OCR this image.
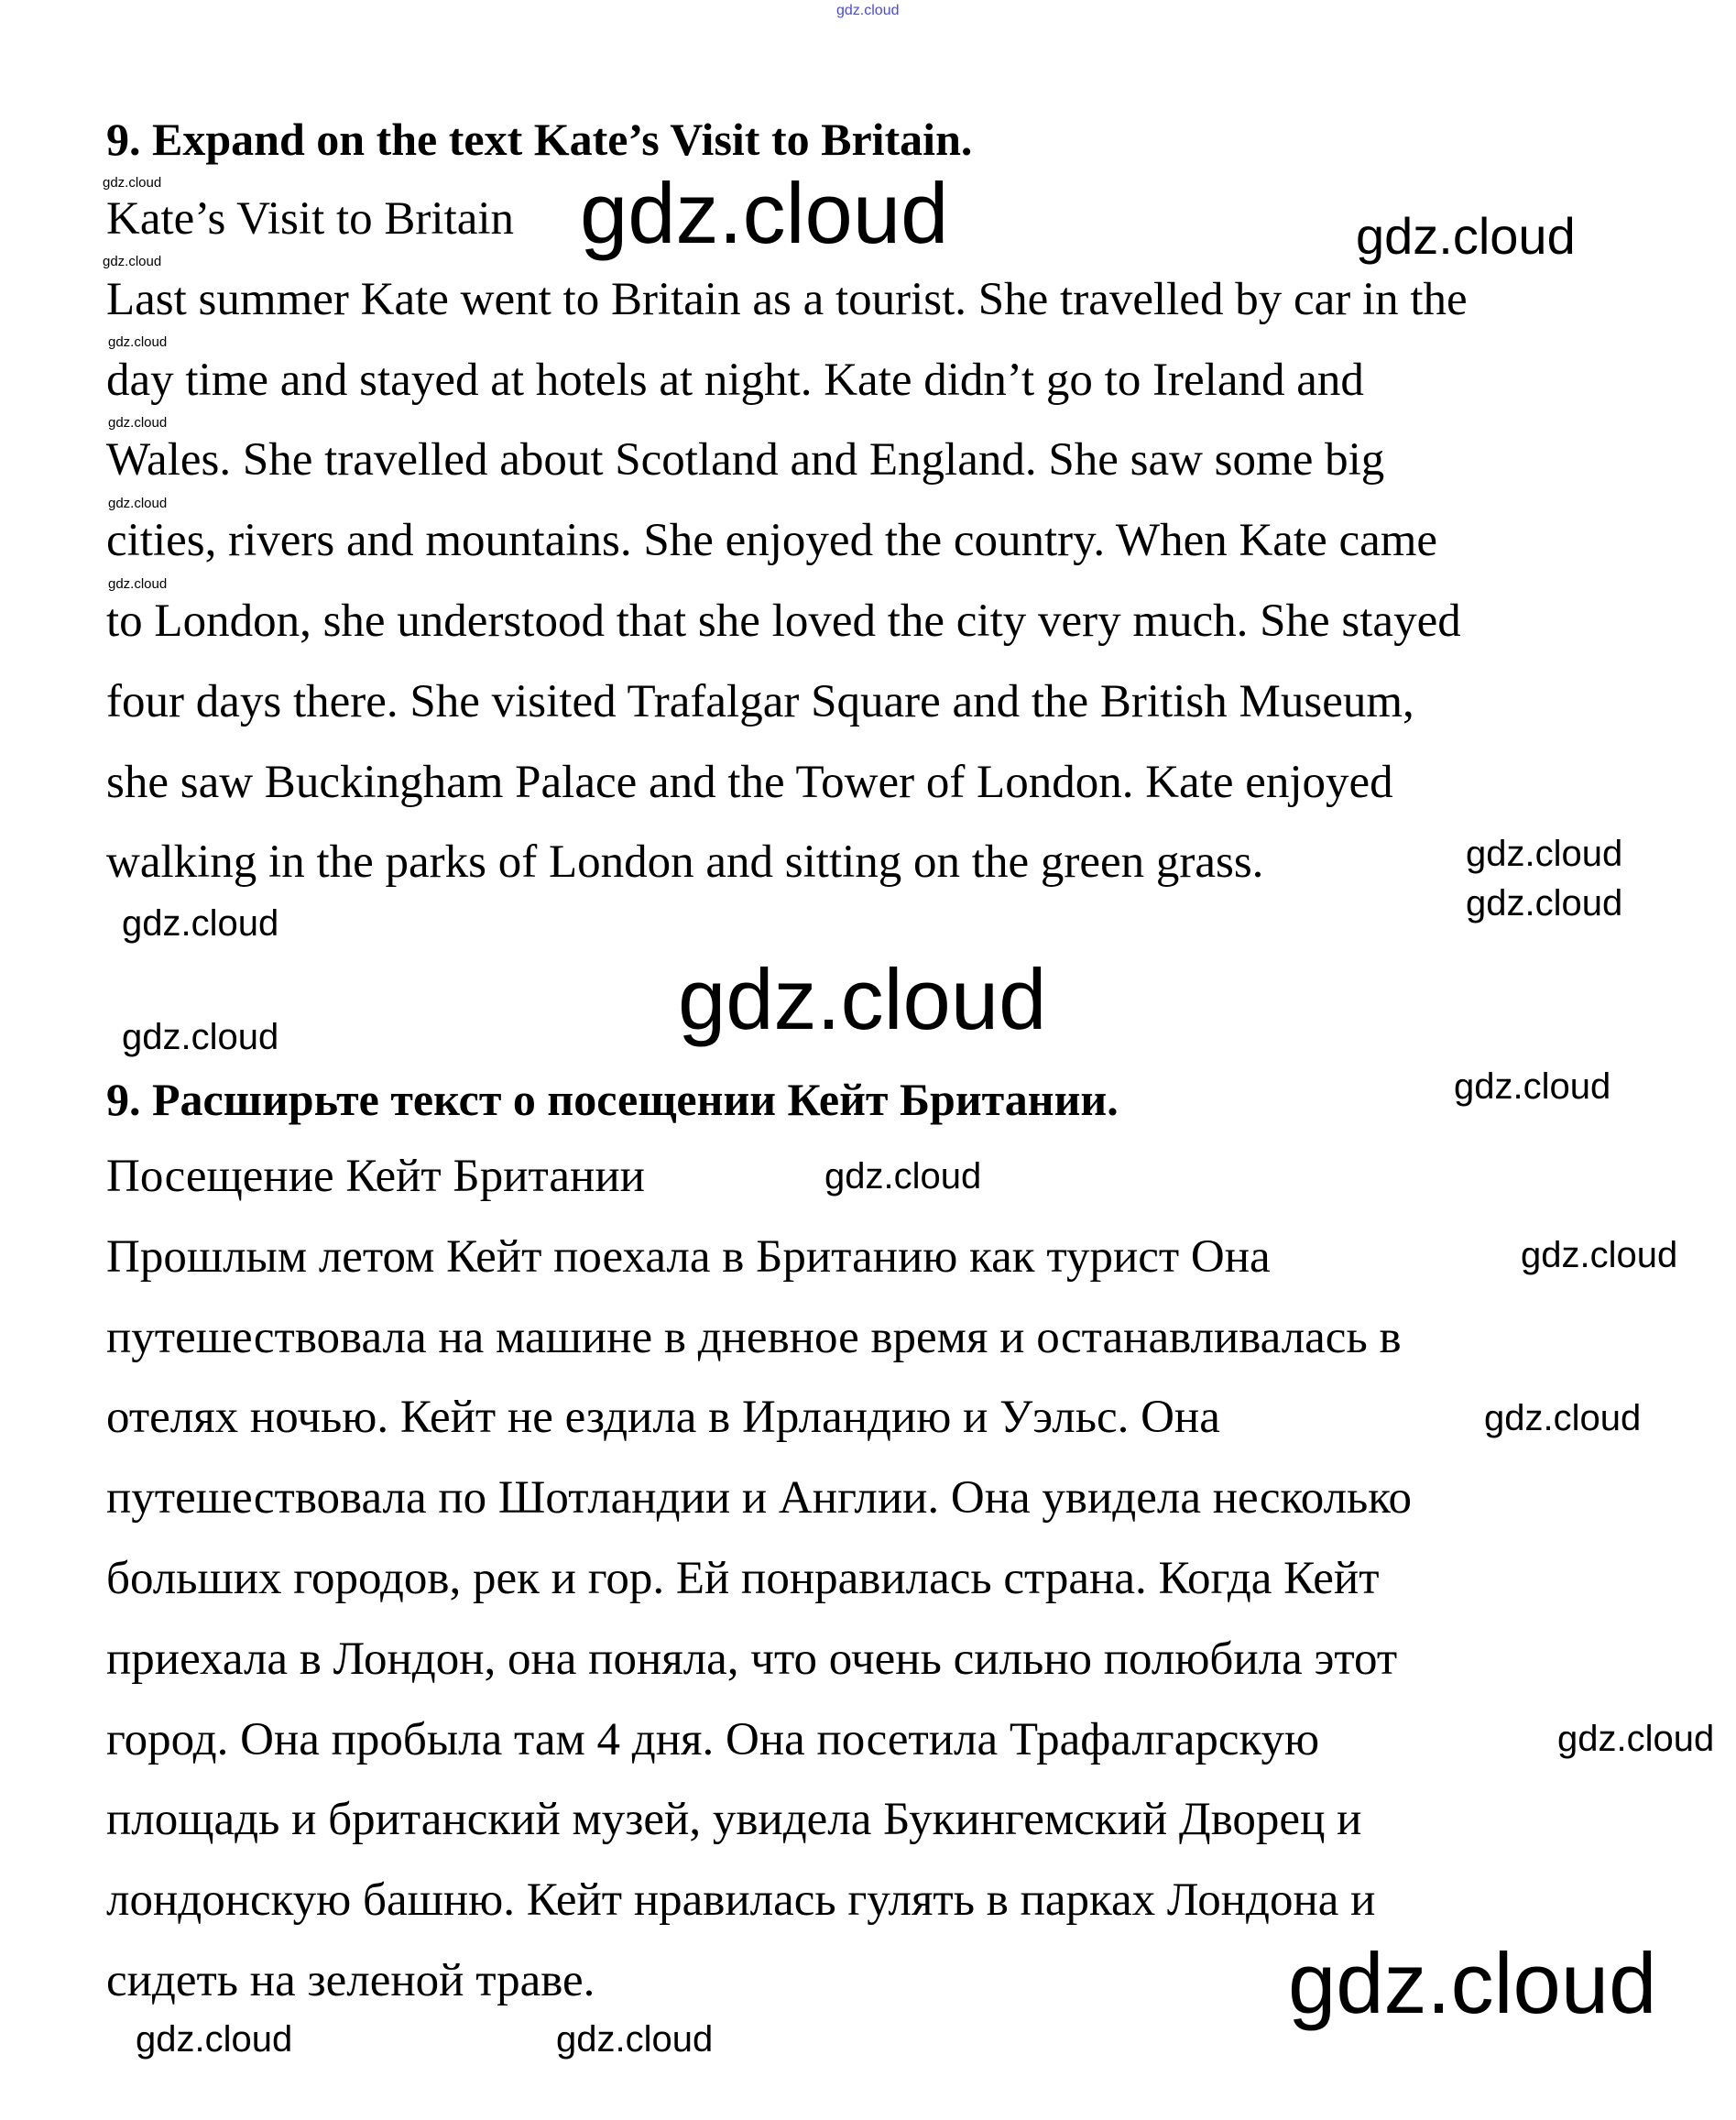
gdz.cloud
9. Expand on the text Kate’s Visit to Britain.
Kate’s Visit to Britain
Last summer Kate went to Britain as a tourist. She travelled by car in the
day time and stayed at hotels at night. Kate didn’t go to Ireland and
Wales. She travelled about Scotland and England. She saw some big
cities, rivers and mountains. She enjoyed the country. When Kate came
to London, she understood that she loved the city very much. She stayed
four days there. She visited Trafalgar Square and the British Museum,
she saw Buckingham Palace and the Tower of London. Kate enjoyed
walking in the parks of London and sitting on the green grass.
9. Расширьте текст о посещении Кейт Британии.
Посещение Кейт Британии
Прошлым летом Кейт поехала в Британию как турист Она
путешествовала на машине в дневное время и останавливалась в
отелях ночью. Кейт не ездила в Ирландию и Уэльс. Она
путешествовала по Шотландии и Англии. Она увидела несколько
больших городов, рек и гор. Ей понравилась страна. Когда Кейт
приехала в Лондон, она поняла, что очень сильно полюбила этот
город. Она пробыла там 4 дня. Она посетила Трафалгарскую
площадь и британский музей, увидела Букингемский Дворец и
лондонскую башню. Кейт нравилась гулять в парках Лондона и
сидеть на зеленой траве.
gdz.cloud
gdz.cloud
gdz.cloud
gdz.cloud
gdz.cloud
gdz.cloud
gdz.cloud	gdz.cloud
gdz.cloud
gdz.cloud
gdz.cloud
gdz.cloud
gdz.cloud
gdz.cloud
gdz.cloud
gdz.cloud
gdz.cloud
gdz.cloud
gdz.cloud	gdz.cloud
gdz.cloud
